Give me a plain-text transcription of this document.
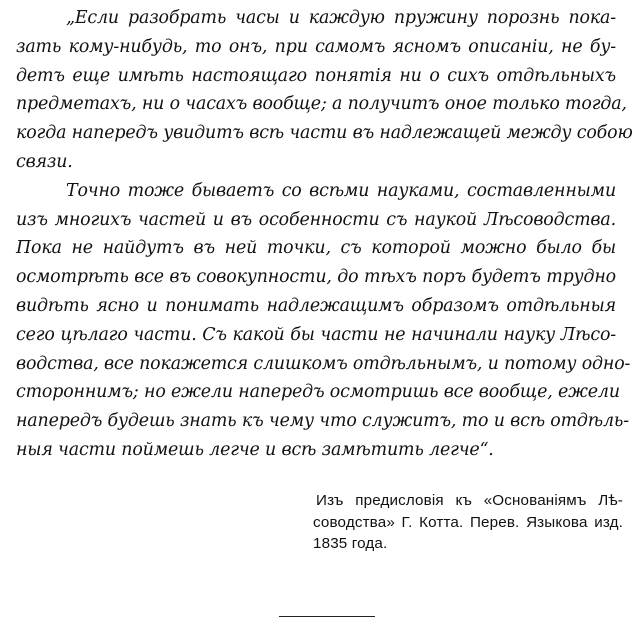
„Если разобрать часы и каждую пружину порознь пока-
зать кому-нибудь, то онъ, при самомъ ясномъ описанiи, не бу-
детъ еще имѣть настоящаго понятiя ни о сихъ отдѣльныхъ
предметахъ, ни о часахъ вообще; а получитъ оное только тогда,
когда напередъ увидитъ всѣ части въ надлежащей между собою
связи.
Точно тоже бываетъ со всѣми науками, составленными
изъ многихъ частей и въ особенности съ наукой Лѣсоводства.
Пока не найдутъ въ ней точки, съ которой можно было бы
осмотрѣть все въ совокупности, до тѣхъ поръ будетъ трудно
видѣть ясно и понимать надлежащимъ образомъ отдѣльныя
сего цѣлаго части. Съ какой бы части не начинали науку Лѣсо-
водства, все покажется слишкомъ отдѣльнымъ, и потому одно-
стороннимъ; но ежели напередъ осмотришь все вообще, ежели
напередъ будешь знать къ чему что служитъ, то и всѣ отдѣль-
ныя части поймешь легче и всѣ замѣтить легче“.
Изъ предисловiя къ «Основанiямъ Лѣ-
соводства» Г. Котта. Перев. Языкова изд.
1835 года.
